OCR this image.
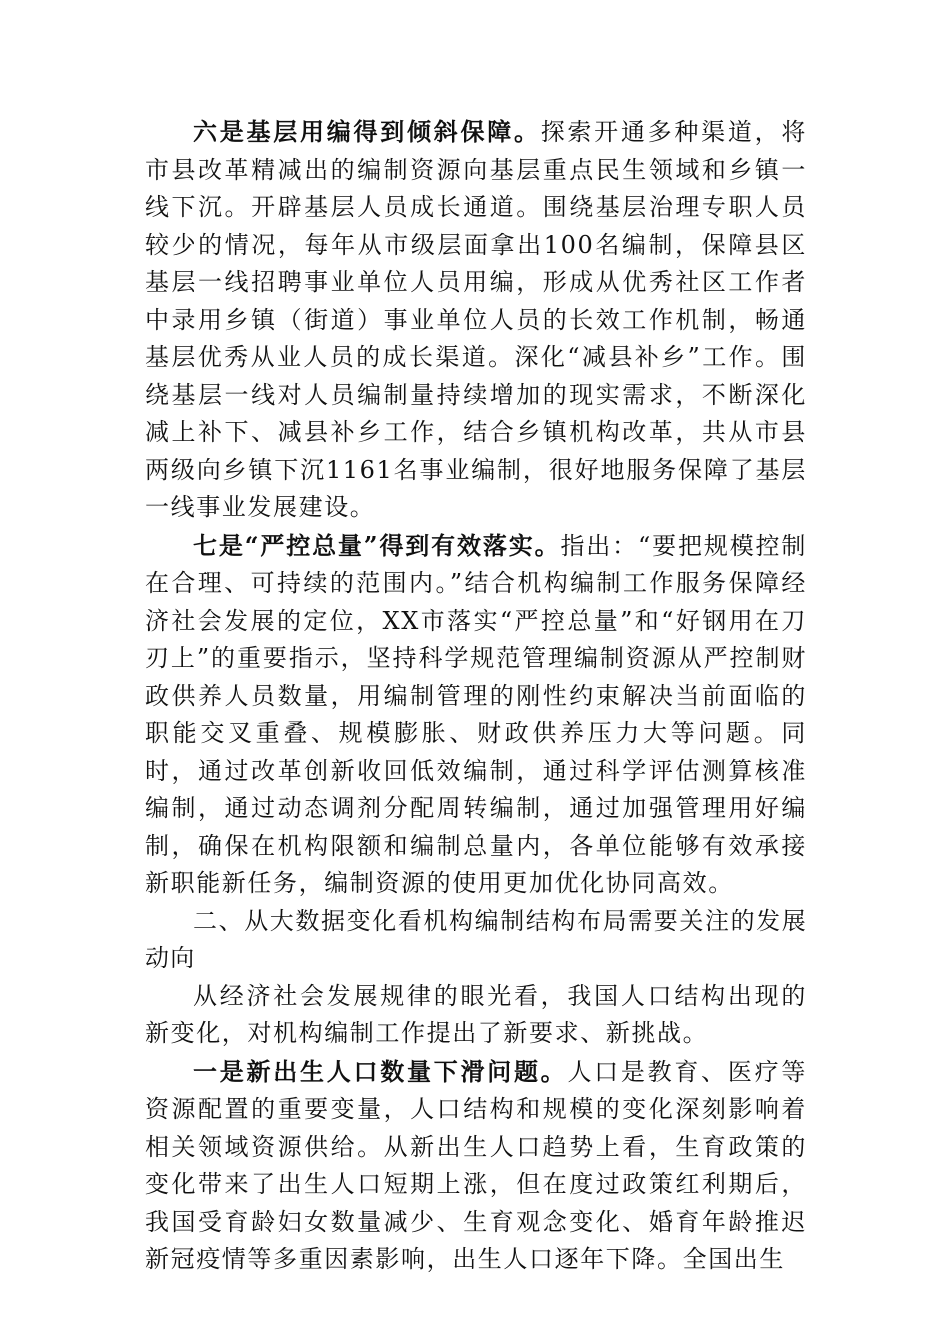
六是基层用编得到倾斜保障。探索开通多种渠道，将市县改革精减出的编制资源向基层重点民生领域和乡镇一线下沉。开辟基层人员成长通道。围绕基层治理专职人员较少的情况，每年从市级层面拿出100名编制，保障县区基层一线招聘事业单位人员用编，形成从优秀社区工作者中录用乡镇（街道）事业单位人员的长效工作机制，畅通基层优秀从业人员的成长渠道。深化“减县补乡”工作。围绕基层一线对人员编制量持续增加的现实需求，不断深化减上补下、减县补乡工作，结合乡镇机构改革，共从市县两级向乡镇下沉1161名事业编制，很好地服务保障了基层一线事业发展建设。

七是“严控总量”得到有效落实。指出：“要把规模控制在合理、可持续的范围内。”结合机构编制工作服务保障经济社会发展的定位，XX市落实“严控总量”和“好钢用在刀刃上”的重要指示，坚持科学规范管理编制资源从严控制财政供养人员数量，用编制管理的刚性约束解决当前面临的职能交叉重叠、规模膨胀、财政供养压力大等问题。同时，通过改革创新收回低效编制，通过科学评估测算核准编制，通过动态调剂分配周转编制，通过加强管理用好编制，确保在机构限额和编制总量内，各单位能够有效承接新职能新任务，编制资源的使用更加优化协同高效。

二、从大数据变化看机构编制结构布局需要关注的发展动向

从经济社会发展规律的眼光看，我国人口结构出现的新变化，对机构编制工作提出了新要求、新挑战。

一是新出生人口数量下滑问题。人口是教育、医疗等资源配置的重要变量，人口结构和规模的变化深刻影响着相关领域资源供给。从新出生人口趋势上看，生育政策的变化带来了出生人口短期上涨，但在度过政策红利期后，我国受育龄妇女数量减少、生育观念变化、婚育年龄推迟新冠疫情等多重因素影响，出生人口逐年下降。全国出生
